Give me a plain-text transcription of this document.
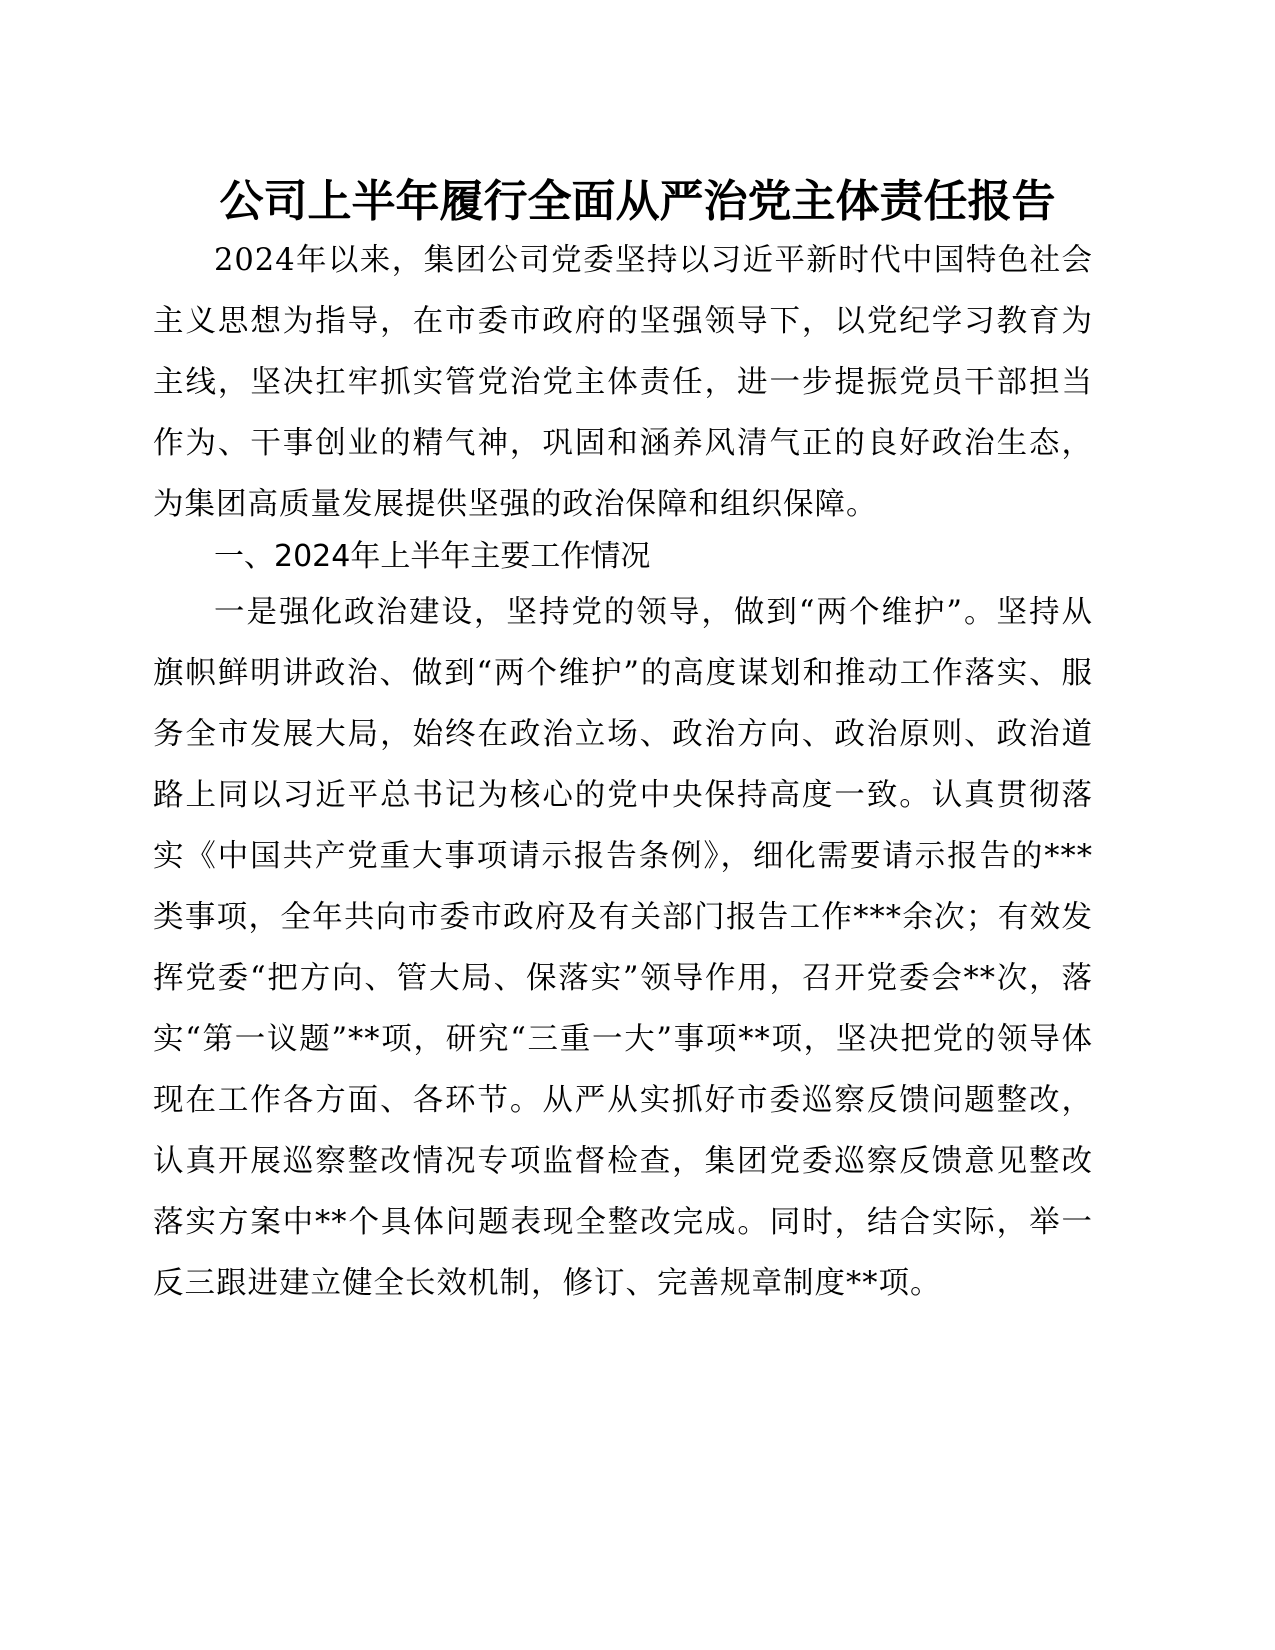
公司上半年履行全面从严治党主体责任报告
2024年以来，集团公司党委坚持以习近平新时代中国特色社会主义思想为指导，在市委市政府的坚强领导下，以党纪学习教育为主线，坚决扛牢抓实管党治党主体责任，进一步提振党员干部担当作为、干事创业的精气神，巩固和涵养风清气正的良好政治生态，为集团高质量发展提供坚强的政治保障和组织保障。
一、2024年上半年主要工作情况
一是强化政治建设，坚持党的领导，做到“两个维护”。坚持从旗帜鲜明讲政治、做到“两个维护”的高度谋划和推动工作落实、服务全市发展大局，始终在政治立场、政治方向、政治原则、政治道路上同以习近平总书记为核心的党中央保持高度一致。认真贯彻落实《中国共产党重大事项请示报告条例》，细化需要请示报告的***类事项，全年共向市委市政府及有关部门报告工作***余次；有效发挥党委“把方向、管大局、保落实”领导作用，召开党委会**次，落实“第一议题”**项，研究“三重一大”事项**项，坚决把党的领导体现在工作各方面、各环节。从严从实抓好市委巡察反馈问题整改，认真开展巡察整改情况专项监督检查，集团党委巡察反馈意见整改落实方案中**个具体问题表现全整改完成。同时，结合实际，举一反三跟进建立健全长效机制，修订、完善规章制度**项。
